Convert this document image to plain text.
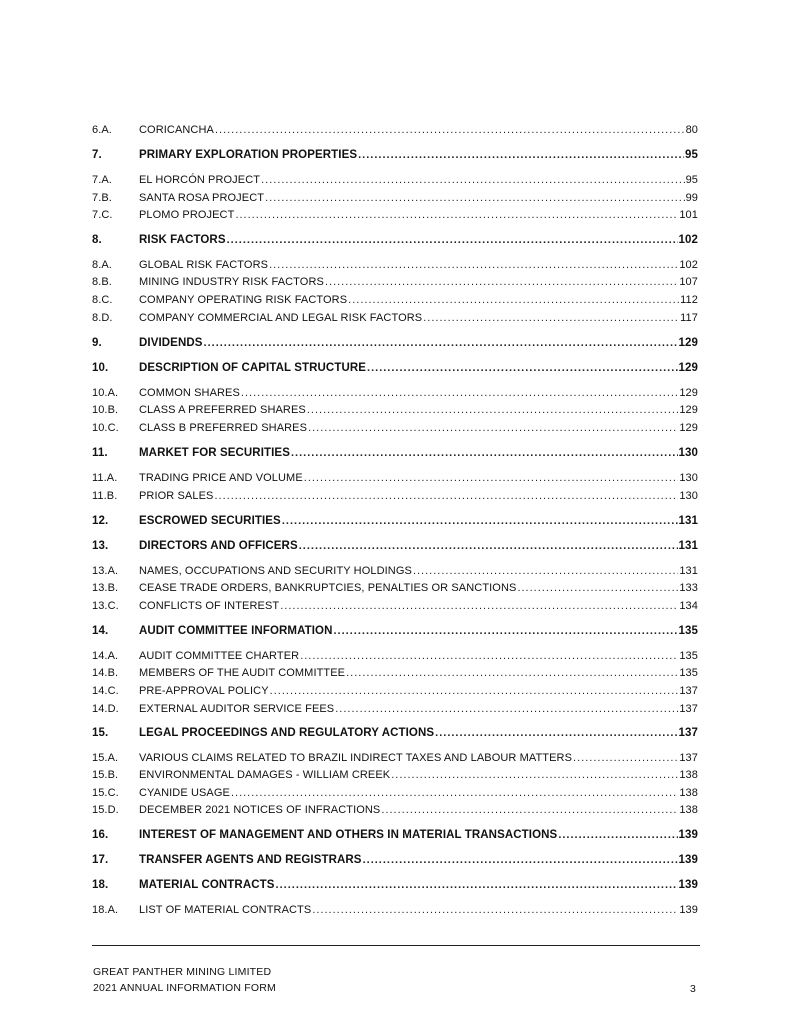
6.A.	CORICANCHA .....	80
7.	PRIMARY EXPLORATION PROPERTIES .....	95
7.A.	EL HORCÓN PROJECT .....	95
7.B.	SANTA ROSA PROJECT .....	99
7.C.	PLOMO PROJECT .....	101
8.	RISK FACTORS .....	102
8.A.	GLOBAL RISK FACTORS .....	102
8.B.	MINING INDUSTRY RISK FACTORS .....	107
8.C.	COMPANY OPERATING RISK FACTORS .....	112
8.D.	COMPANY COMMERCIAL AND LEGAL RISK FACTORS .....	117
9.	DIVIDENDS .....	129
10.	DESCRIPTION OF CAPITAL STRUCTURE .....	129
10.A.	COMMON SHARES .....	129
10.B.	CLASS A PREFERRED SHARES .....	129
10.C.	CLASS B PREFERRED SHARES .....	129
11.	MARKET FOR SECURITIES .....	130
11.A.	TRADING PRICE AND VOLUME .....	130
11.B.	PRIOR SALES .....	130
12.	ESCROWED SECURITIES .....	131
13.	DIRECTORS AND OFFICERS .....	131
13.A.	NAMES, OCCUPATIONS AND SECURITY HOLDINGS .....	131
13.B.	CEASE TRADE ORDERS, BANKRUPTCIES, PENALTIES OR SANCTIONS .....	133
13.C.	CONFLICTS OF INTEREST .....	134
14.	AUDIT COMMITTEE INFORMATION .....	135
14.A.	AUDIT COMMITTEE CHARTER .....	135
14.B.	MEMBERS OF THE AUDIT COMMITTEE .....	135
14.C.	PRE-APPROVAL POLICY .....	137
14.D.	EXTERNAL AUDITOR SERVICE FEES .....	137
15.	LEGAL PROCEEDINGS AND REGULATORY ACTIONS .....	137
15.A.	VARIOUS CLAIMS RELATED TO BRAZIL INDIRECT TAXES AND LABOUR MATTERS .....	137
15.B.	ENVIRONMENTAL DAMAGES - WILLIAM CREEK .....	138
15.C.	CYANIDE USAGE .....	138
15.D.	DECEMBER 2021 NOTICES OF INFRACTIONS .....	138
16.	INTEREST OF MANAGEMENT AND OTHERS IN MATERIAL TRANSACTIONS .....	139
17.	TRANSFER AGENTS AND REGISTRARS .....	139
18.	MATERIAL CONTRACTS .....	139
18.A.	LIST OF MATERIAL CONTRACTS .....	139
GREAT PANTHER MINING LIMITED
2021 ANNUAL INFORMATION FORM	3
